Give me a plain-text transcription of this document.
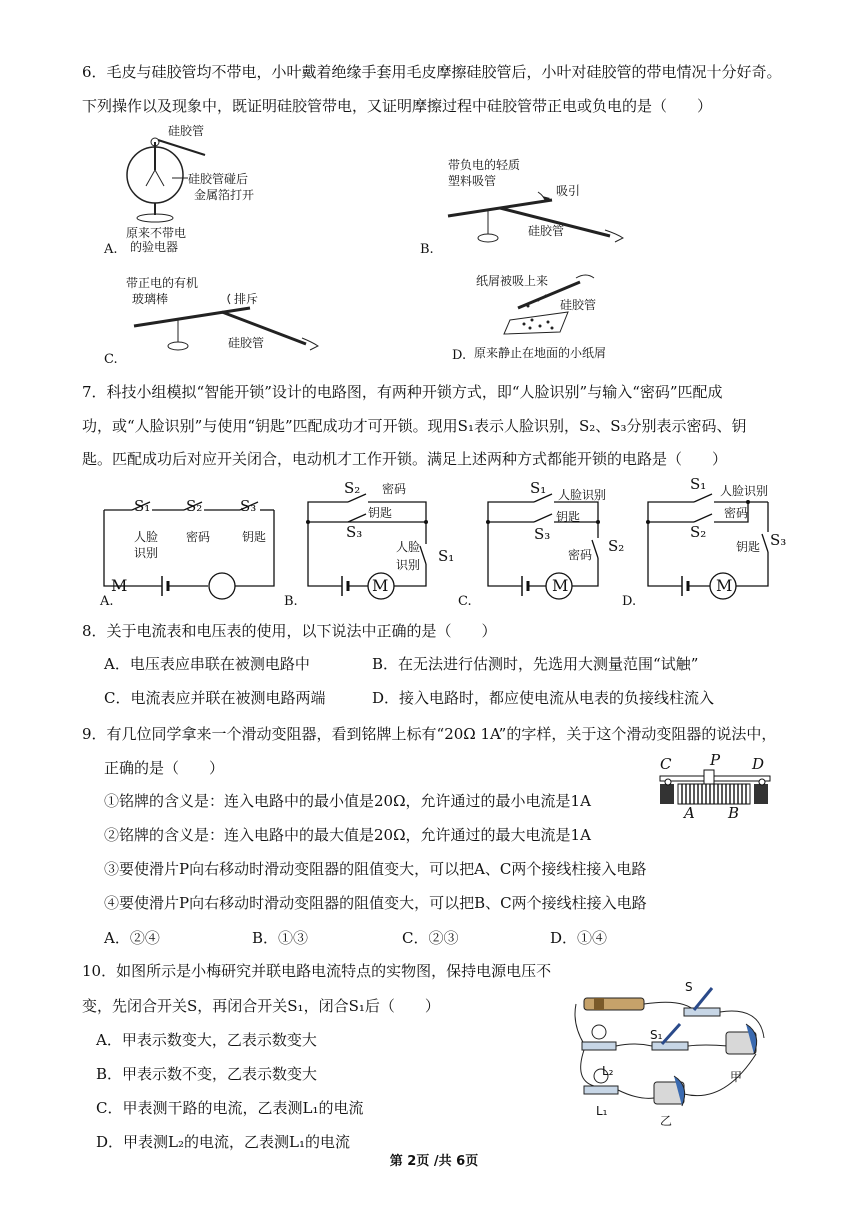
6．毛皮与硅胶管均不带电，小叶戴着绝缘手套用毛皮摩擦硅胶管后，小叶对硅胶管的带电情况十分好奇。
下列操作以及现象中，既证明硅胶管带电，又证明摩擦过程中硅胶管带正电或负电的是（　　）
硅胶管
硅胶管碰后
金属箔打开
原来不带电
的验电器
A.
带负电的轻质
塑料吸管
吸引
硅胶管
B.
带正电的有机
玻璃棒	排斥
硅胶管
C.
纸屑被吸上来
硅胶管
原来静止在地面的小纸屑
D.
7．科技小组模拟“智能开锁”设计的电路图，有两种开锁方式，即“人脸识别”与输入“密码”匹配成
功，或“人脸识别”与使用“钥匙”匹配成功才可开锁。现用S₁表示人脸识别，S₂、S₃分别表示密码、钥
匙。匹配成功后对应开关闭合，电动机才工作开锁。满足上述两种方式都能开锁的电路是（　　）
M
S₁ S₂	S₃
人脸
识别
密码	钥匙
A.
M
S₂ 密码
S₃
钥匙
人脸
识别 S₁
B.
M
S₁ 人脸识别
钥匙
S₃
密码 S₂
C.
M
S₁ 人脸识别
密码
S₂
钥匙 S₃
D.
8．关于电流表和电压表的使用，以下说法中正确的是（　　）
A．电压表应串联在被测电路中	B．在无法进行估测时，先选用大测量范围“试触”
C．电流表应并联在被测电路两端	D．接入电路时，都应使电流从电表的负接线柱流入
9．有几位同学拿来一个滑动变阻器，看到铭牌上标有“20Ω 1A”的字样，关于这个滑动变阻器的说法中，
正确的是（　　）
①铭牌的含义是：连入电路中的最小值是20Ω，允许通过的最小电流是1A
②铭牌的含义是：连入电路中的最大值是20Ω，允许通过的最大电流是1A
③要使滑片P向右移动时滑动变阻器的阻值变大，可以把A、C两个接线柱接入电路
④要使滑片P向右移动时滑动变阻器的阻值变大，可以把B、C两个接线柱接入电路
A．②④	B．①③	C．②③	D．①④
C	P D
A B
10．如图所示是小梅研究并联电路电流特点的实物图，保持电源电压不
变，先闭合开关S，再闭合开关S₁，闭合S₁后（　　）
A．甲表示数变大，乙表示数变大
B．甲表示数不变，乙表示数变大
C．甲表测干路的电流，乙表测L₁的电流
D．甲表测L₂的电流，乙表测L₁的电流
S
S₁
L₂
L₁
甲
乙
第 2页 /共 6页
